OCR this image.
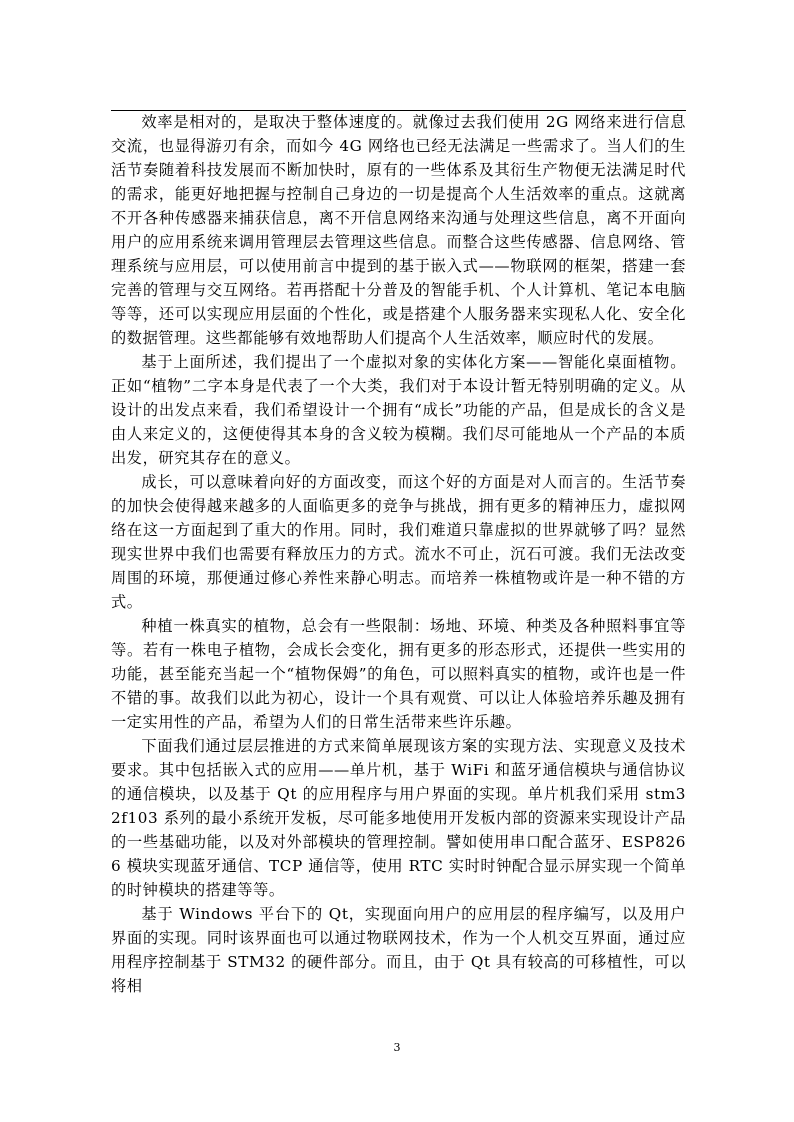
效率是相对的，是取决于整体速度的。就像过去我们使用 2G 网络来进行信息交流，也显得游刃有余，而如今 4G 网络也已经无法满足一些需求了。当人们的生活节奏随着科技发展而不断加快时，原有的一些体系及其衍生产物便无法满足时代的需求，能更好地把握与控制自己身边的一切是提高个人生活效率的重点。这就离不开各种传感器来捕获信息，离不开信息网络来沟通与处理这些信息，离不开面向用户的应用系统来调用管理层去管理这些信息。而整合这些传感器、信息网络、管理系统与应用层，可以使用前言中提到的基于嵌入式——物联网的框架，搭建一套完善的管理与交互网络。若再搭配十分普及的智能手机、个人计算机、笔记本电脑等等，还可以实现应用层面的个性化，或是搭建个人服务器来实现私人化、安全化的数据管理。这些都能够有效地帮助人们提高个人生活效率，顺应时代的发展。

基于上面所述，我们提出了一个虚拟对象的实体化方案——智能化桌面植物。正如“植物”二字本身是代表了一个大类，我们对于本设计暂无特别明确的定义。从设计的出发点来看，我们希望设计一个拥有“成长”功能的产品，但是成长的含义是由人来定义的，这便使得其本身的含义较为模糊。我们尽可能地从一个产品的本质出发，研究其存在的意义。

成长，可以意味着向好的方面改变，而这个好的方面是对人而言的。生活节奏的加快会使得越来越多的人面临更多的竞争与挑战，拥有更多的精神压力，虚拟网络在这一方面起到了重大的作用。同时，我们难道只靠虚拟的世界就够了吗？显然现实世界中我们也需要有释放压力的方式。流水不可止，沉石可渡。我们无法改变周围的环境，那便通过修心养性来静心明志。而培养一株植物或许是一种不错的方式。

种植一株真实的植物，总会有一些限制：场地、环境、种类及各种照料事宜等等。若有一株电子植物，会成长会变化，拥有更多的形态形式，还提供一些实用的功能，甚至能充当起一个“植物保姆”的角色，可以照料真实的植物，或许也是一件不错的事。故我们以此为初心，设计一个具有观赏、可以让人体验培养乐趣及拥有一定实用性的产品，希望为人们的日常生活带来些许乐趣。

下面我们通过层层推进的方式来简单展现该方案的实现方法、实现意义及技术要求。其中包括嵌入式的应用——单片机，基于 WiFi 和蓝牙通信模块与通信协议的通信模块，以及基于 Qt 的应用程序与用户界面的实现。单片机我们采用 stm32f103 系列的最小系统开发板，尽可能多地使用开发板内部的资源来实现设计产品的一些基础功能，以及对外部模块的管理控制。譬如使用串口配合蓝牙、ESP8266 模块实现蓝牙通信、TCP 通信等，使用 RTC 实时时钟配合显示屏实现一个简单的时钟模块的搭建等等。

基于 Windows 平台下的 Qt，实现面向用户的应用层的程序编写，以及用户界面的实现。同时该界面也可以通过物联网技术，作为一个人机交互界面，通过应用程序控制基于 STM32 的硬件部分。而且，由于 Qt 具有较高的可移植性，可以将相

3
